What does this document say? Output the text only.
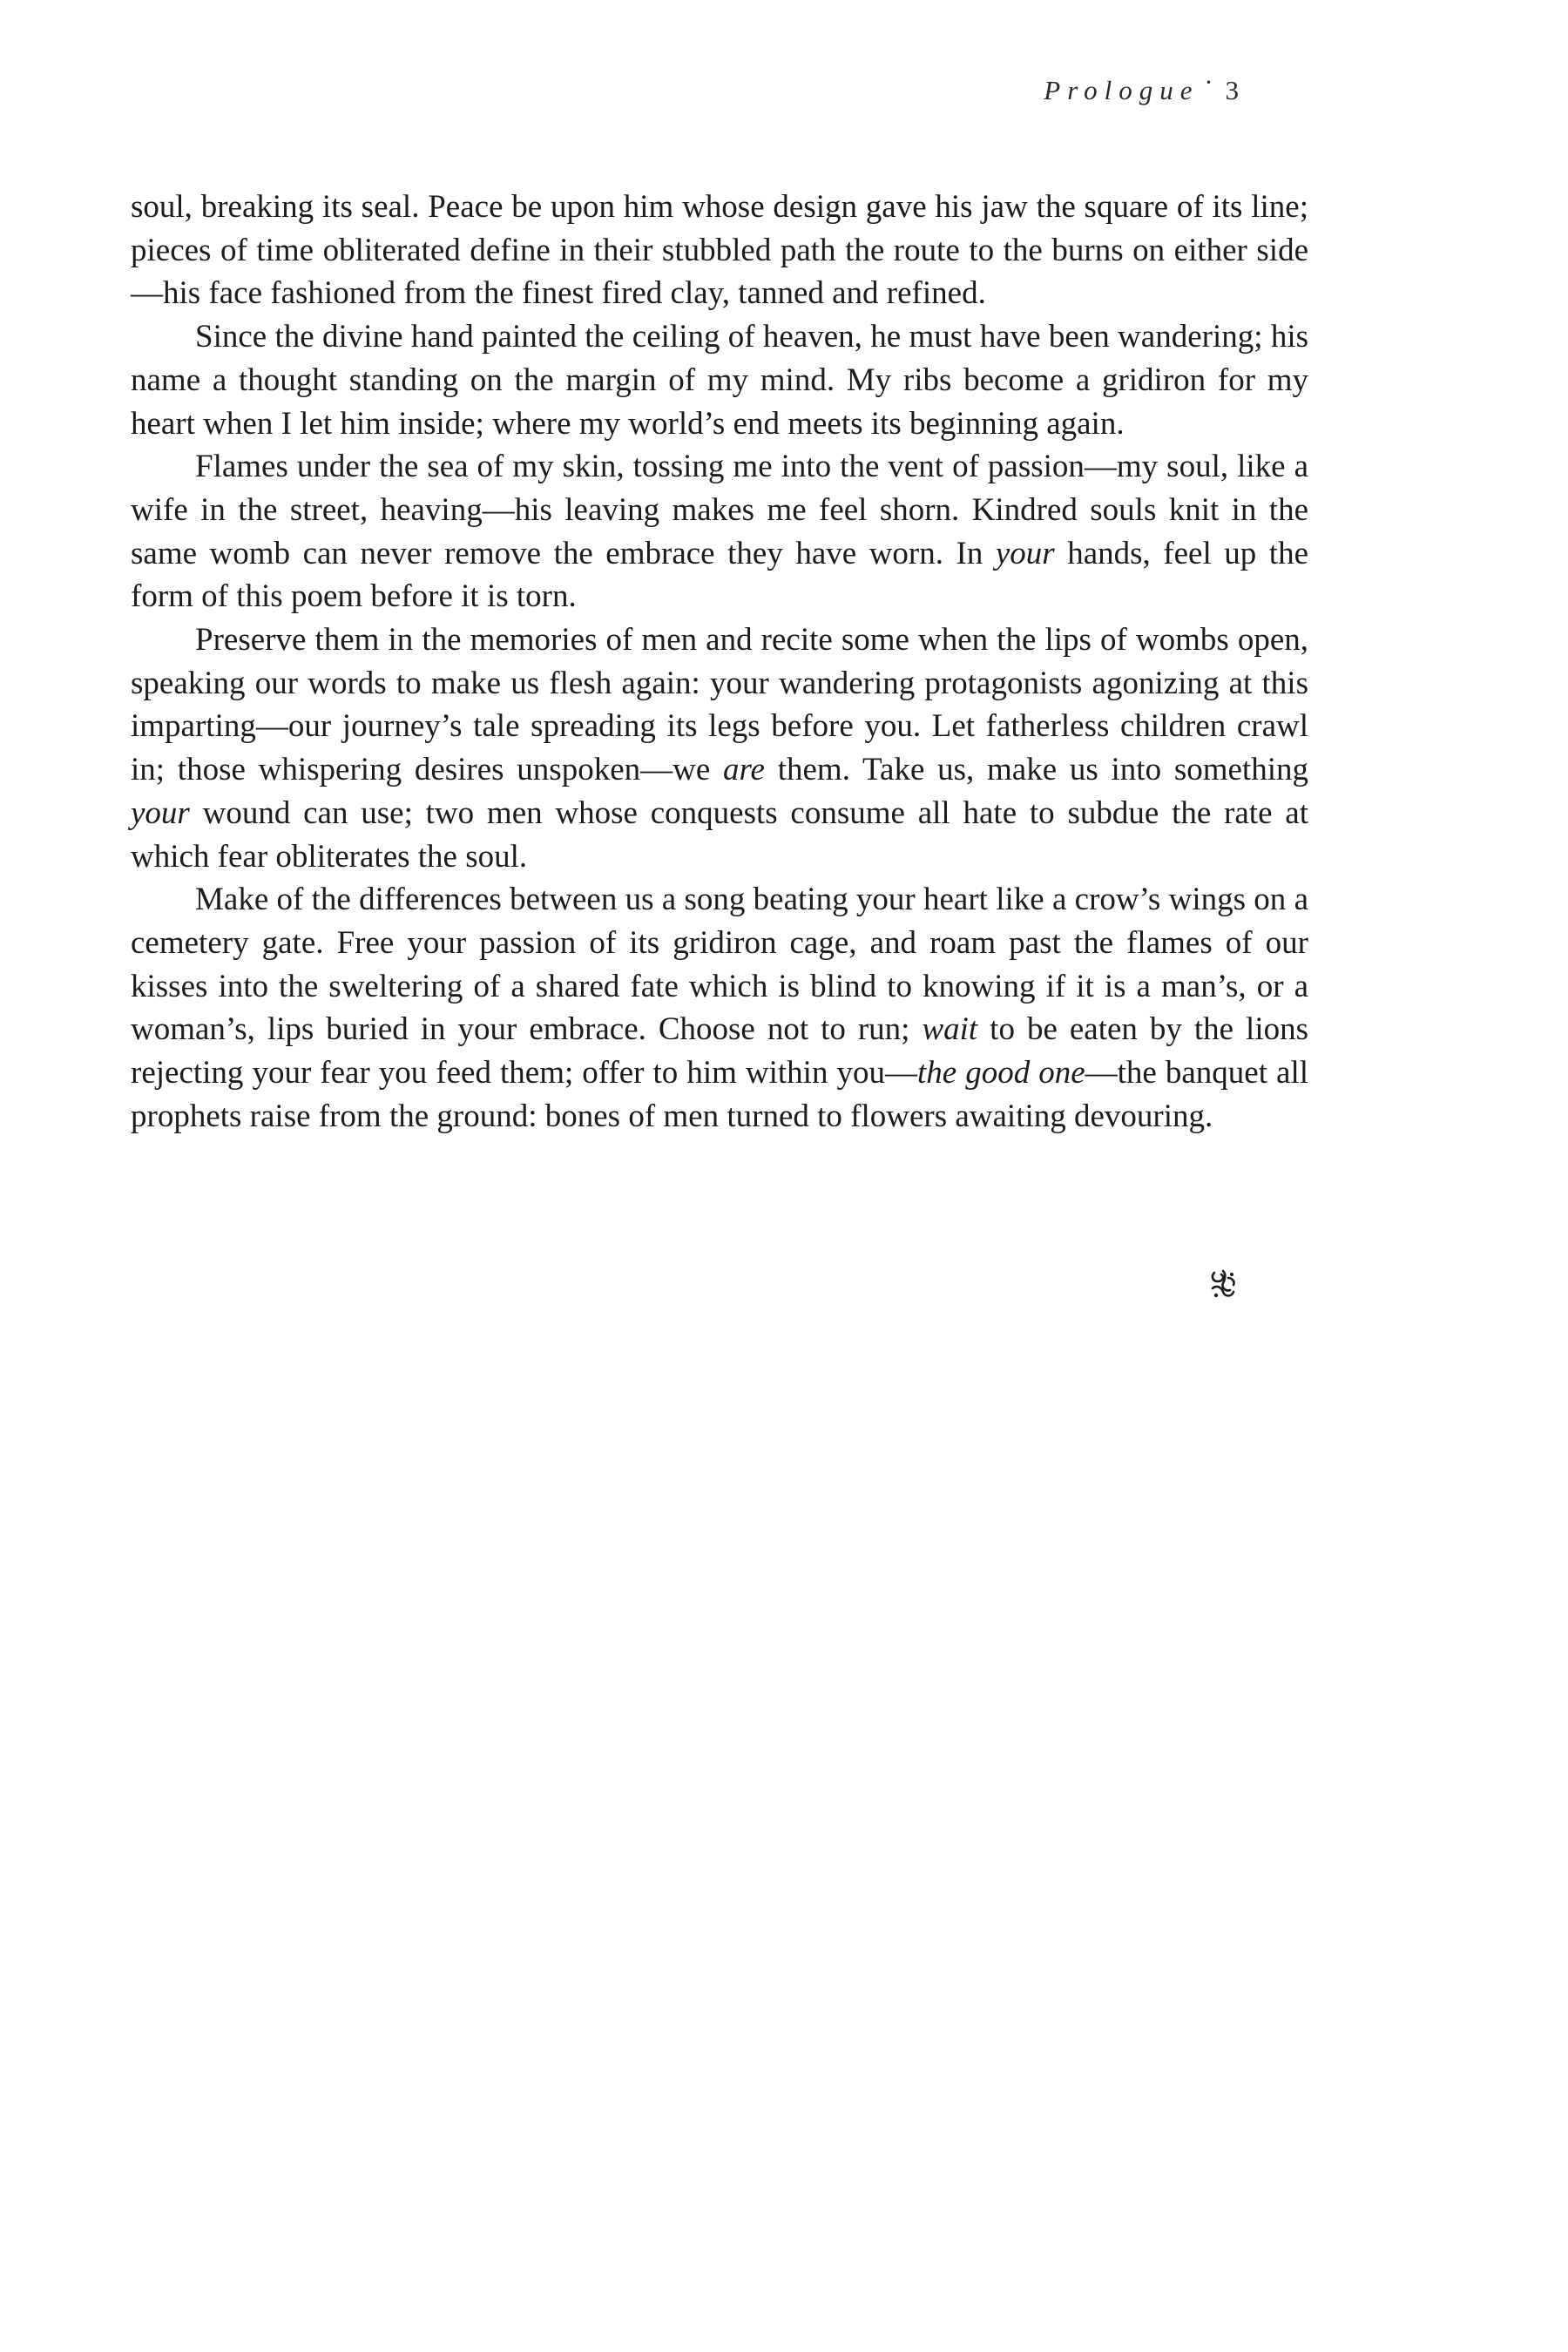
Prologue · 3

soul, breaking its seal. Peace be upon him whose design gave his jaw the square of its line; pieces of time obliterated define in their stubbled path the route to the burns on either side—his face fashioned from the finest fired clay, tanned and refined.

Since the divine hand painted the ceiling of heaven, he must have been wandering; his name a thought standing on the margin of my mind. My ribs become a gridiron for my heart when I let him inside; where my world’s end meets its beginning again.

Flames under the sea of my skin, tossing me into the vent of passion—my soul, like a wife in the street, heaving—his leaving makes me feel shorn. Kindred souls knit in the same womb can never remove the embrace they have worn. In your hands, feel up the form of this poem before it is torn.

Preserve them in the memories of men and recite some when the lips of wombs open, speaking our words to make us flesh again: your wandering protagonists agonizing at this imparting—our journey’s tale spreading its legs before you. Let fatherless children crawl in; those whispering desires unspoken—we are them. Take us, make us into something your wound can use; two men whose conquests consume all hate to subdue the rate at which fear obliterates the soul.

Make of the differences between us a song beating your heart like a crow’s wings on a cemetery gate. Free your passion of its gridiron cage, and roam past the flames of our kisses into the sweltering of a shared fate which is blind to knowing if it is a man’s, or a woman’s, lips buried in your embrace. Choose not to run; wait to be eaten by the lions rejecting your fear you feed them; offer to him within you—the good one—the banquet all prophets raise from the ground: bones of men turned to flowers awaiting devouring.
